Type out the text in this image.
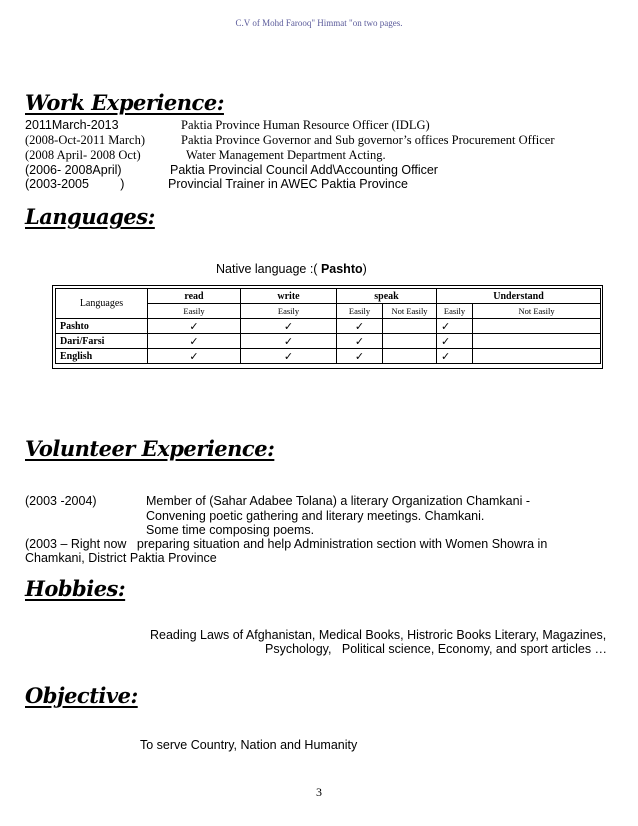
C.V of Mohd Farooq" Himmat "on two pages.
Work Experience:
2011March-2013	Paktia Province Human Resource Officer (IDLG)
(2008-Oct-2011 March)	Paktia Province Governor and Sub governor’s offices Procurement Officer
(2008 April- 2008 Oct)	Water Management Department Acting.
(2006- 2008April)	Paktia Provincial Council Add\Accounting Officer
(2003-2005         )	Provincial Trainer in AWEC Paktia Province
Languages:
Native language :( Pashto)
Languages	read	write	speak		Understand	
	Easily	Easily	Easily	Not Easily	Easily	Not Easily
Pashto	✓	✓	✓		✓	
Dari/Farsi	✓	✓	✓		✓	
English	✓	✓	✓		✓	
Volunteer Experience:
(2003 -2004)	Member of (Sahar Adabee Tolana) a literary Organization Chamkani -
Convening poetic gathering and literary meetings. Chamkani.
Some time composing poems.
(2003 – Right now   preparing situation and help Administration section with Women Showra in
Chamkani, District Paktia Province
Hobbies:
Reading Laws of Afghanistan, Medical Books, Histroric Books Literary, Magazines,
Psychology,   Political science, Economy, and sport articles …
Objective:
To serve Country, Nation and Humanity
3
